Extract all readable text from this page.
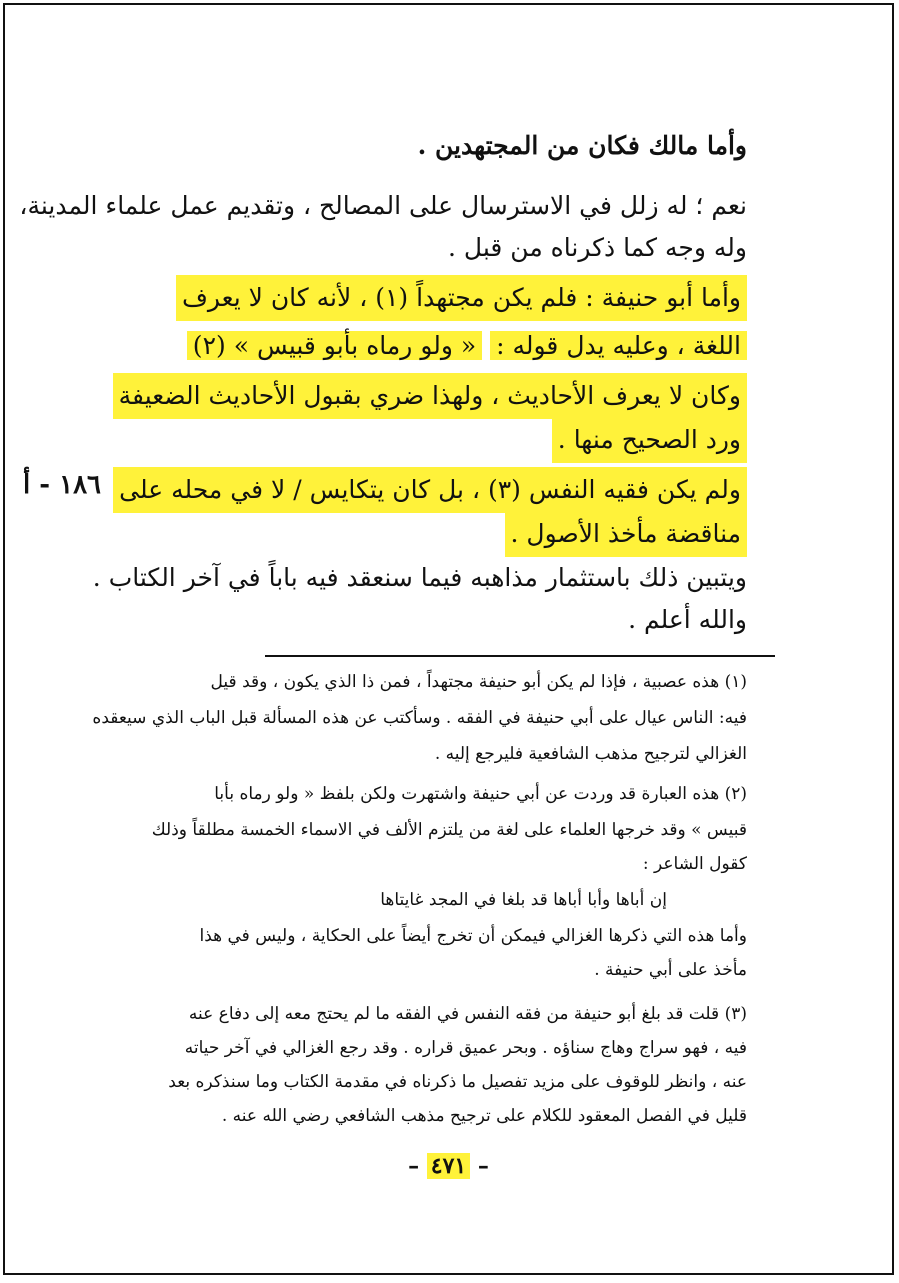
وأما مالك فكان من المجتهدين .
نعم ؛ له زلل في الاسترسال على المصالح ، وتقديم عمل علماء المدينة،
وله وجه كما ذكرناه من قبل .
وأما أبو حنيفة : فلم يكن مجتهداً (١) ، لأنه كان لا يعرف
اللغة ، وعليه يدل قوله : « ولو رماه بأبو قبيس » (٢)
وكان لا يعرف الأحاديث ، ولهذا ضري بقبول الأحاديث الضعيفة
ورد الصحيح منها .
ولم يكن فقيه النفس (٣) ، بل كان يتكايس / لا في محله على
مناقضة مأخذ الأصول .
ويتبين ذلك باستثمار مذاهبه فيما سنعقد فيه باباً في آخر الكتاب .
والله أعلم .
١٨٦ - أ
(١) هذه عصبية ، فإذا لم يكن أبو حنيفة مجتهداً ، فمن ذا الذي يكون ، وقد قيل
فيه: الناس عيال على أبي حنيفة في الفقه . وسأكتب عن هذه المسألة قبل الباب الذي سيعقده
الغزالي لترجيح مذهب الشافعية فليرجع إليه .
(٢) هذه العبارة قد وردت عن أبي حنيفة واشتهرت ولكن بلفظ « ولو رماه بأبا
قبيس » وقد خرجها العلماء على لغة من يلتزم الألف في الاسماء الخمسة مطلقاً وذلك
كقول الشاعر :
إن أباها وأبا أباها قد بلغا في المجد غايتاها
وأما هذه التي ذكرها الغزالي فيمكن أن تخرج أيضاً على الحكاية ، وليس في هذا
مأخذ على أبي حنيفة .
(٣) قلت قد بلغ أبو حنيفة من فقه النفس في الفقه ما لم يحتج معه إلى دفاع عنه
فيه ، فهو سراج وهاج سناؤه . وبحر عميق قراره . وقد رجع الغزالي في آخر حياته
عنه ، وانظر للوقوف على مزيد تفصيل ما ذكرناه في مقدمة الكتاب وما سنذكره بعد
قليل في الفصل المعقود للكلام على ترجيح مذهب الشافعي رضي الله عنه .
– ٤٧١ –
